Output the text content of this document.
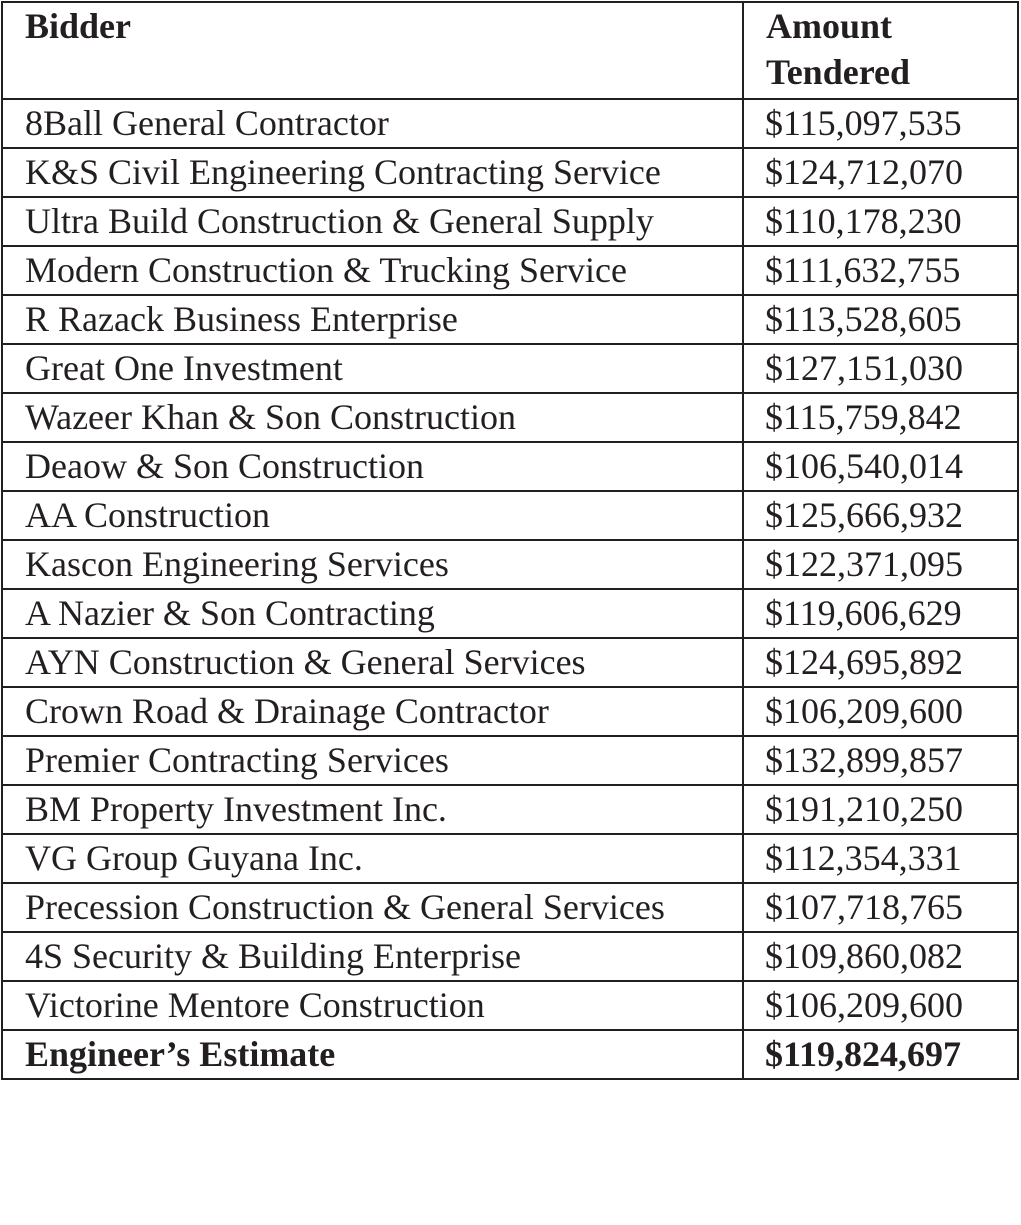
Bidder	Amount
Tendered
8Ball General Contractor	$115,097,535
K&S Civil Engineering Contracting Service	$124,712,070
Ultra Build Construction & General Supply	$110,178,230
Modern Construction & Trucking Service	$111,632,755
R Razack Business Enterprise	$113,528,605
Great One Investment	$127,151,030
Wazeer Khan & Son Construction	$115,759,842
Deaow & Son Construction	$106,540,014
AA Construction	$125,666,932
Kascon Engineering Services	$122,371,095
A Nazier & Son Contracting	$119,606,629
AYN Construction & General Services	$124,695,892
Crown Road & Drainage Contractor	$106,209,600
Premier Contracting Services	$132,899,857
BM Property Investment Inc.	$191,210,250
VG Group Guyana Inc.	$112,354,331
Precession Construction & General Services	$107,718,765
4S Security & Building Enterprise	$109,860,082
Victorine Mentore Construction	$106,209,600
Engineer’s Estimate	$119,824,697
